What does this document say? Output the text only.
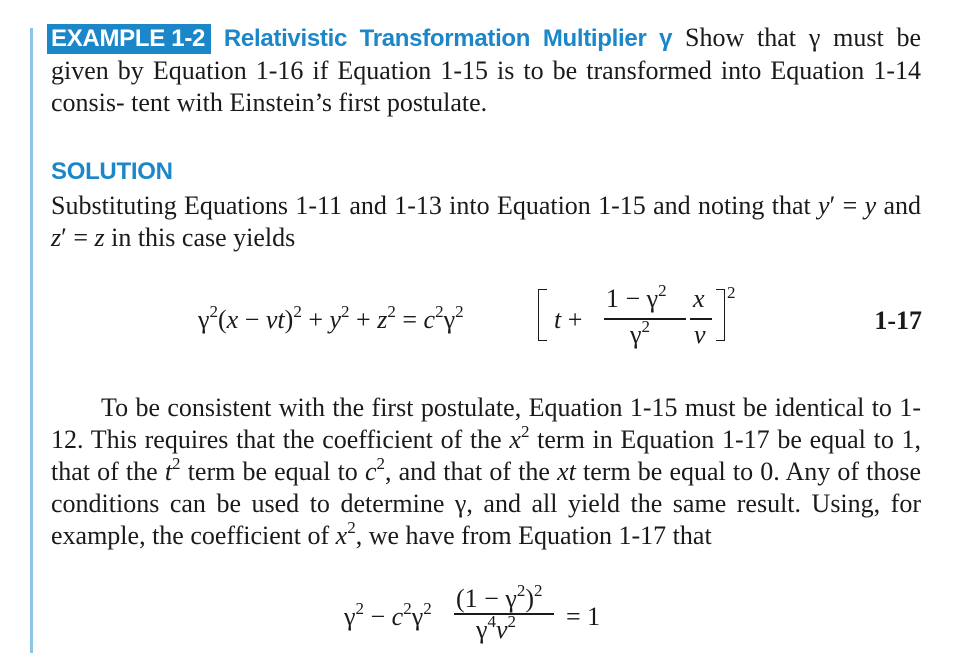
EXAMPLE 1-2 Relativistic Transformation Multiplier γ Show that γ must be given by Equation 1-16 if Equation 1-15 is to be transformed into Equation 1-14 consis- tent with Einstein’s first postulate.

SOLUTION

Substituting Equations 1-11 and 1-13 into Equation 1-15 and noting that y′ = y and z′ = z in this case yields

$\gamma^2(x - vt)^2 + y^2 + z^2 = c^2\gamma^2$	t +
$1 - \gamma^2$
$\gamma^2$
x
v
2
1-17

To be consistent with the first postulate, Equation 1-15 must be identical to 1-12. This requires that the coefficient of the $x^2$ term in Equation 1-17 be equal to 1, that of the $t^2$ term be equal to $c^2$, and that of the xt term be equal to 0. Any of those conditions can be used to determine γ, and all yield the same result. Using, for example, the coefficient of $x^2$, we have from Equation 1-17 that

$\gamma^2 - c^2\gamma^2$ $(1 - \gamma^2)^2$
$\gamma^4v^2 = 1$
